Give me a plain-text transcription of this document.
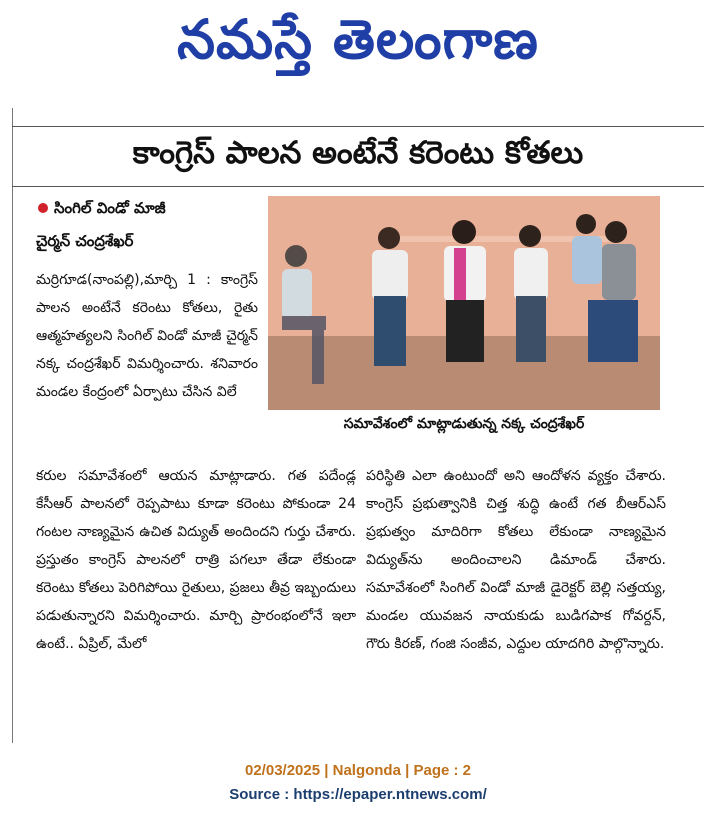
నమస్తే తెలంగాణ
కాంగ్రెస్ పాలన అంటేనే కరెంటు కోతలు
సింగిల్ విండో మాజీ
చైర్మన్ చంద్రశేఖర్
సమావేశంలో మాట్లాడుతున్న నక్క చంద్రశేఖర్
మర్రిగూడ(నాంపల్లి),మార్చి 1 : కాంగ్రెస్ పాలన అంటేనే కరెంటు కోతలు, రైతు ఆత్మహత్యలని సింగిల్ విండో మాజీ చైర్మన్ నక్క చంద్రశేఖర్ విమర్శించారు. శనివారం మండల కేంద్రంలో ఏర్పాటు చేసిన విలే
కరుల సమావేశంలో ఆయన మాట్లాడారు. గత పదేండ్ల కేసీఆర్ పాలనలో రెప్పపాటు కూడా కరెంటు పోకుండా 24 గంటల నాణ్యమైన ఉచిత విద్యుత్ అందిందని గుర్తు చేశారు. ప్రస్తుతం కాంగ్రెస్ పాలనలో రాత్రి పగలూ తేడా లేకుండా కరెంటు కోతలు పెరిగిపోయి రైతులు, ప్రజలు తీవ్ర ఇబ్బందులు పడుతున్నారని విమర్శించారు. మార్చి ప్రారంభంలోనే ఇలా ఉంటే.. ఏప్రిల్, మేలో
పరిస్థితి ఎలా ఉంటుందో అని ఆందోళన వ్యక్తం చేశారు. కాంగ్రెస్ ప్రభుత్వానికి చిత్త శుద్ధి ఉంటే గత బీఆర్ఎస్ ప్రభుత్వం మాదిరిగా కోతలు లేకుండా నాణ్యమైన విద్యుత్‌ను అందించాలని డిమాండ్ చేశారు. సమావేశంలో సింగిల్ విండో మాజీ డైరెక్టర్ బెల్లి సత్తయ్య, మండల యువజన నాయకుడు బుడిగపాక గోవర్దన్, గౌరు కిరణ్, గంజి సంజీవ, ఎద్దుల యాదగిరి పాల్గొన్నారు.
02/03/2025 | Nalgonda | Page : 2
Source : https://epaper.ntnews.com/
